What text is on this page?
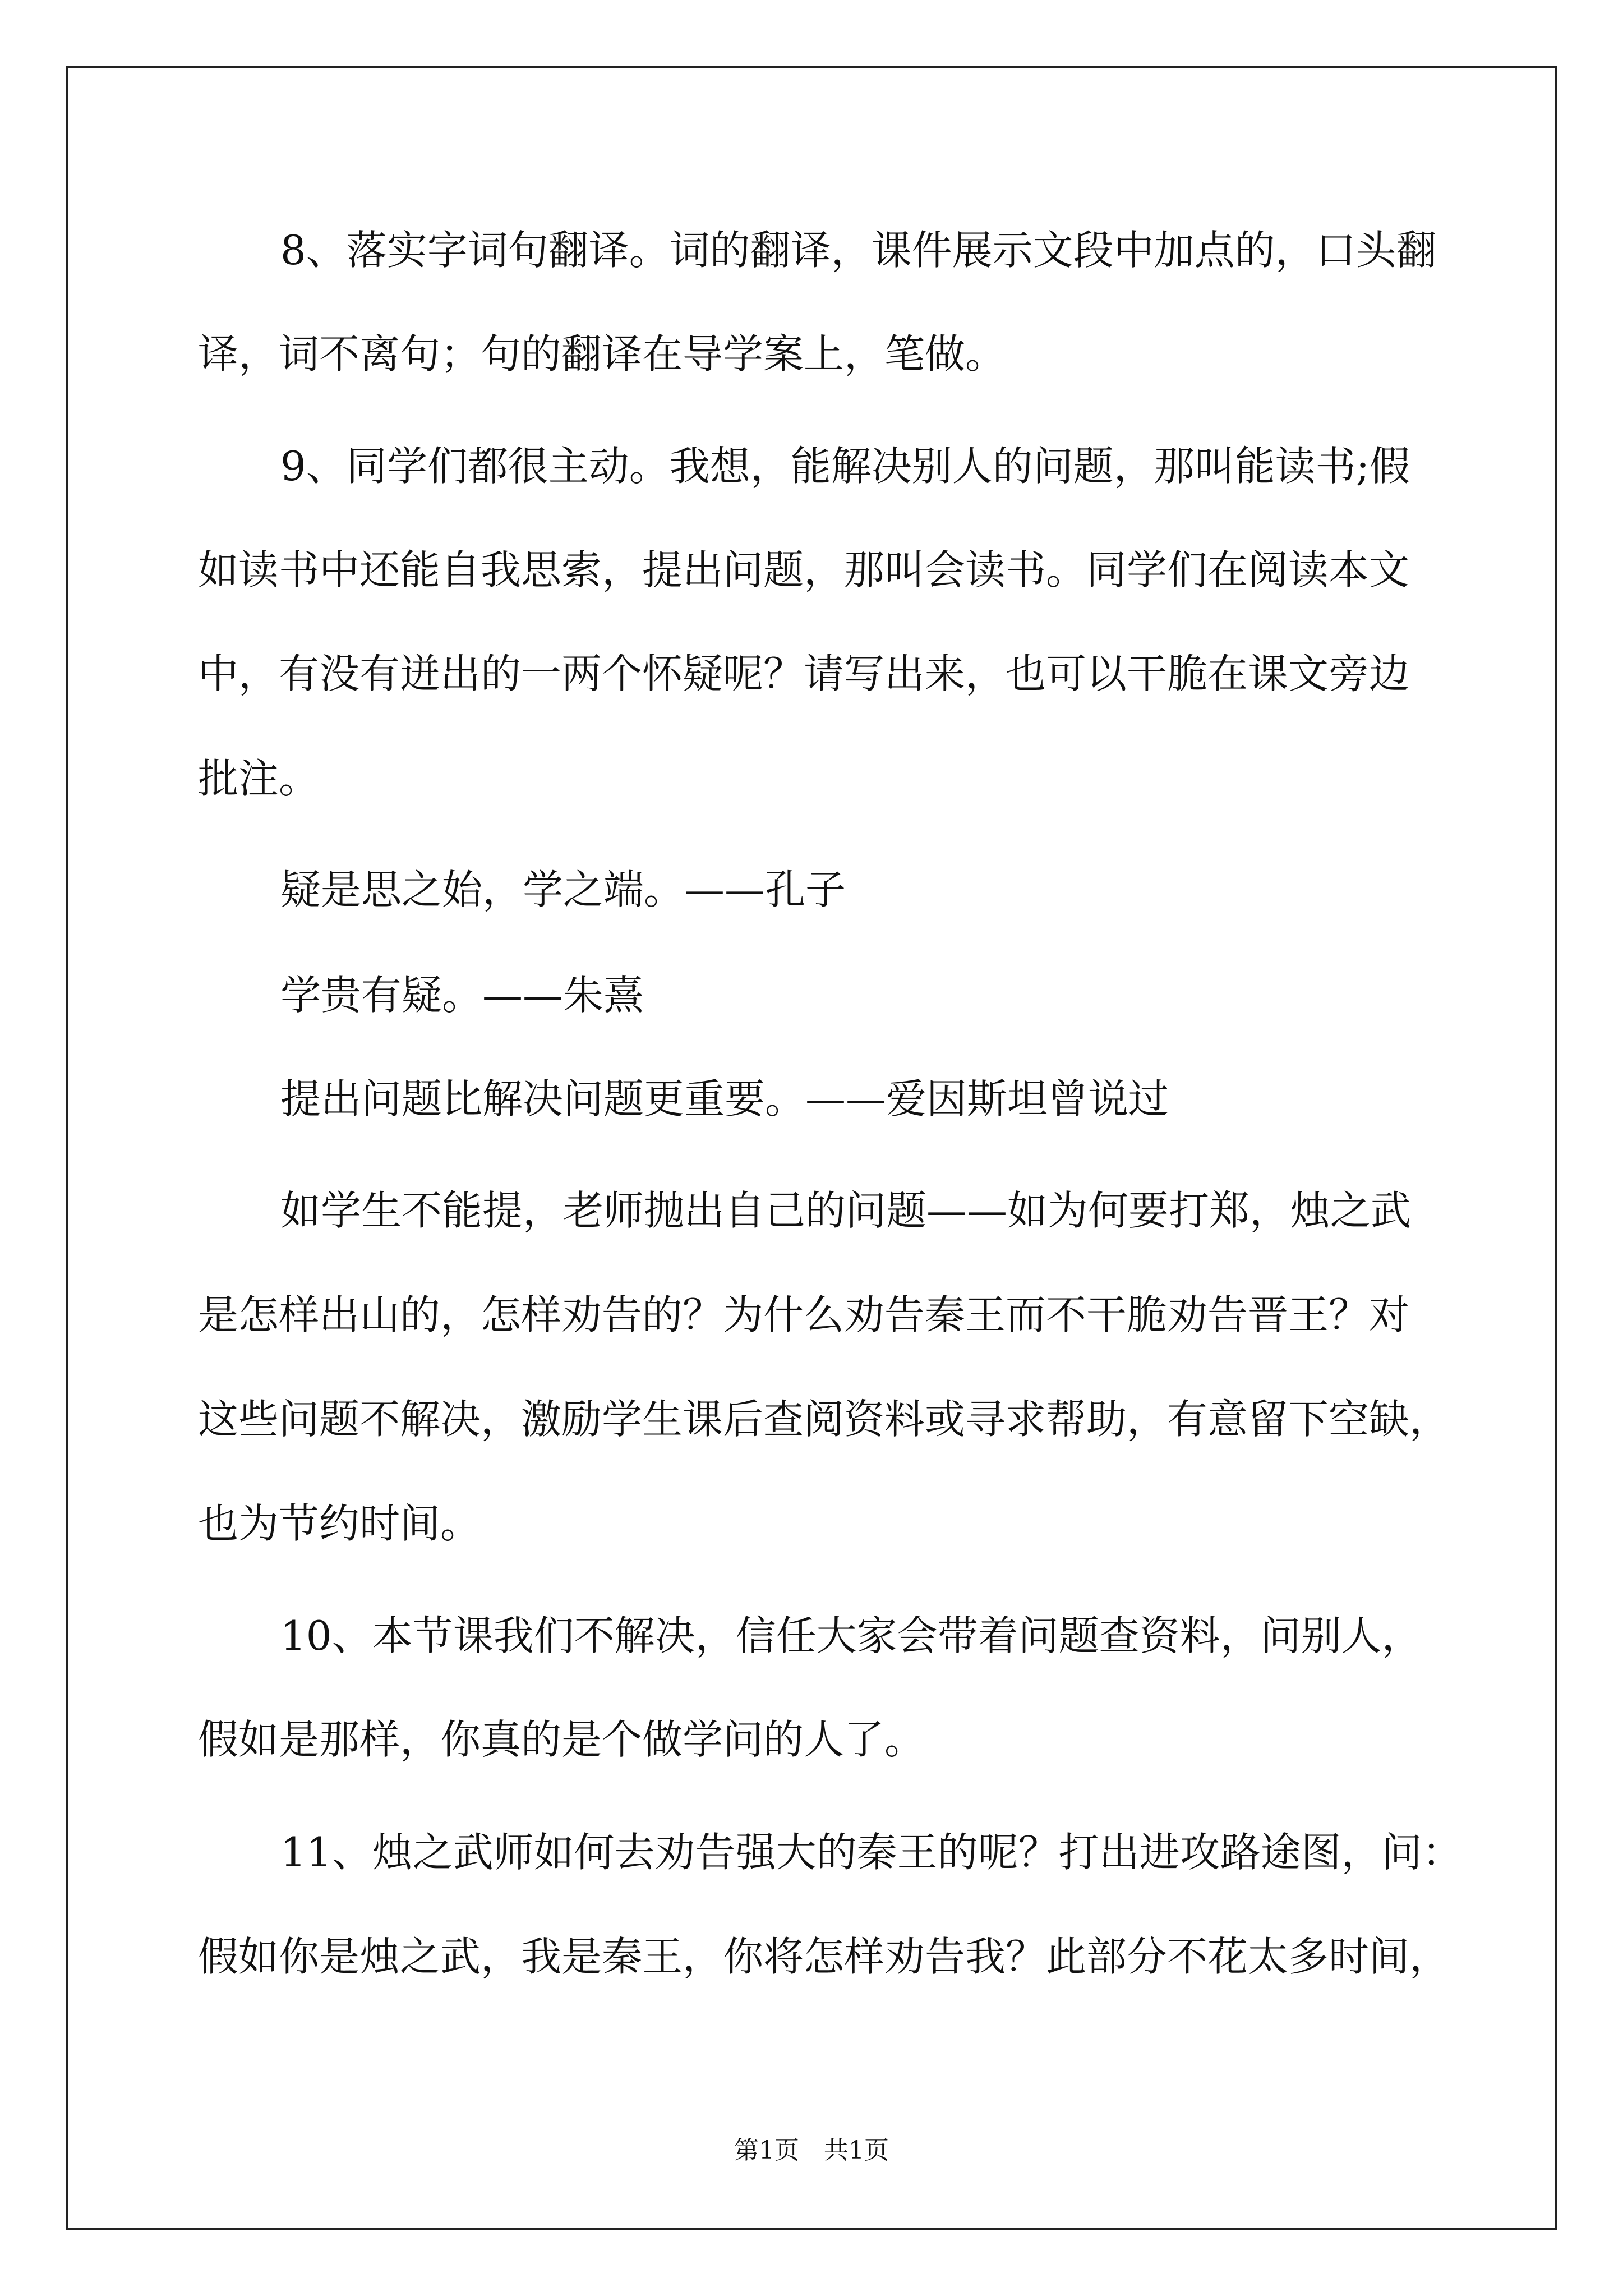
8、落实字词句翻译。词的翻译，课件展示文段中加点的，口头翻
译，词不离句；句的翻译在导学案上，笔做。
9、同学们都很主动。我想，能解决别人的问题，那叫能读书;假
如读书中还能自我思索，提出问题，那叫会读书。同学们在阅读本文
中，有没有迸出的一两个怀疑呢？请写出来，也可以干脆在课文旁边
批注。
疑是思之始，学之端。——孔子
学贵有疑。——朱熹
提出问题比解决问题更重要。——爱因斯坦曾说过
如学生不能提，老师抛出自己的问题——如为何要打郑，烛之武
是怎样出山的，怎样劝告的？为什么劝告秦王而不干脆劝告晋王？对
这些问题不解决，激励学生课后查阅资料或寻求帮助，有意留下空缺，
也为节约时间。
10、本节课我们不解决，信任大家会带着问题查资料，问别人，
假如是那样，你真的是个做学问的人了。
11、烛之武师如何去劝告强大的秦王的呢？打出进攻路途图，问：
假如你是烛之武，我是秦王，你将怎样劝告我？此部分不花太多时间，
第1页　共1页
